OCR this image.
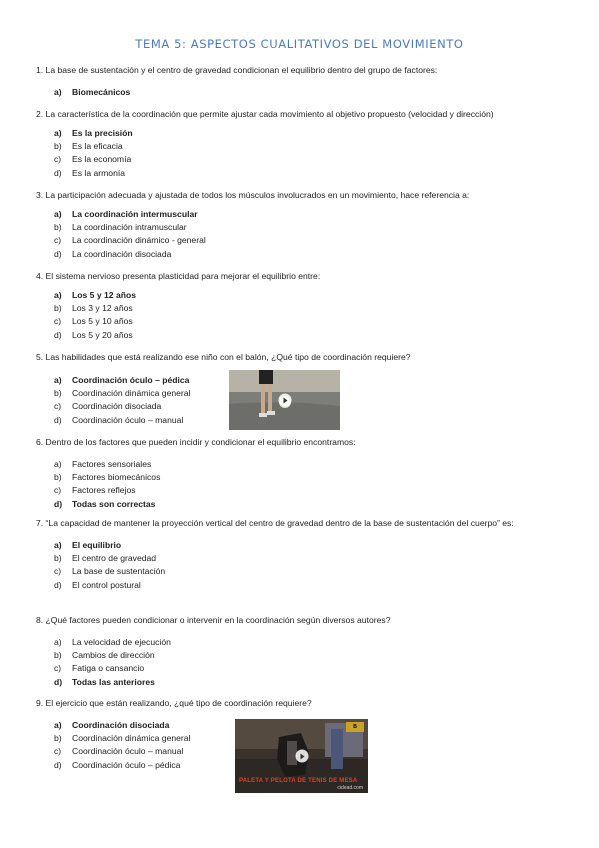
TEMA 5: ASPECTOS CUALITATIVOS DEL MOVIMIENTO
1. La base de sustentación y el centro de gravedad condicionan el equilibrio dentro del grupo de factores:
a)	Biomecánicos
2. La característica de la coordinación que permite ajustar cada movimiento al objetivo propuesto (velocidad y dirección)
a)	Es la precisión
b)	Es la eficacia
c)	Es la economía
d)	Es la armonía
3. La participación adecuada y ajustada de todos los músculos involucrados en un movimiento, hace referencia a:
a)	La coordinación intermuscular
b)	La coordinación intramuscular
c)	La coordinación dinámico - general
d)	La coordinación disociada
4. El sistema nervioso presenta plasticidad para mejorar el equilibrio entre:
a)	Los 5 y 12 años
b)	Los 3 y 12 años
c)	Los 5 y 10 años
d)	Los 5 y 20 años
5. Las habilidades que está realizando ese niño con el balón, ¿Qué tipo de coordinación requiere?
a)	Coordinación óculo – pédica
b)	Coordinación dinámica general
c)	Coordinación disociada
d)	Coordinación óculo – manual
6. Dentro de los factores que pueden incidir y condicionar el equilibrio encontramos:
a)	Factores sensoriales
b)	Factores biomecánicos
c)	Factores reflejos
d)	Todas son correctas
7. “La capacidad de mantener la proyección vertical del centro de gravedad dentro de la base de sustentación del cuerpo” es:
a)	El equilibrio
b)	El centro de gravedad
c)	La base de sustentación
d)	El control postural
8. ¿Qué factores pueden condicionar o intervenir en la coordinación según diversos autores?
a)	La velocidad de ejecución
b)	Cambios de dirección
c)	Fatiga o cansancio
d)	Todas las anteriores
9. El ejercicio que están realizando, ¿qué tipo de coordinación requiere?
a)	Coordinación disociada
b)	Coordinación dinámica general
c)	Coordinación óculo – manual
d)	Coordinación óculo – pédica
B
PALETA Y PELOTA DE TENIS DE MESA
cidead.com
